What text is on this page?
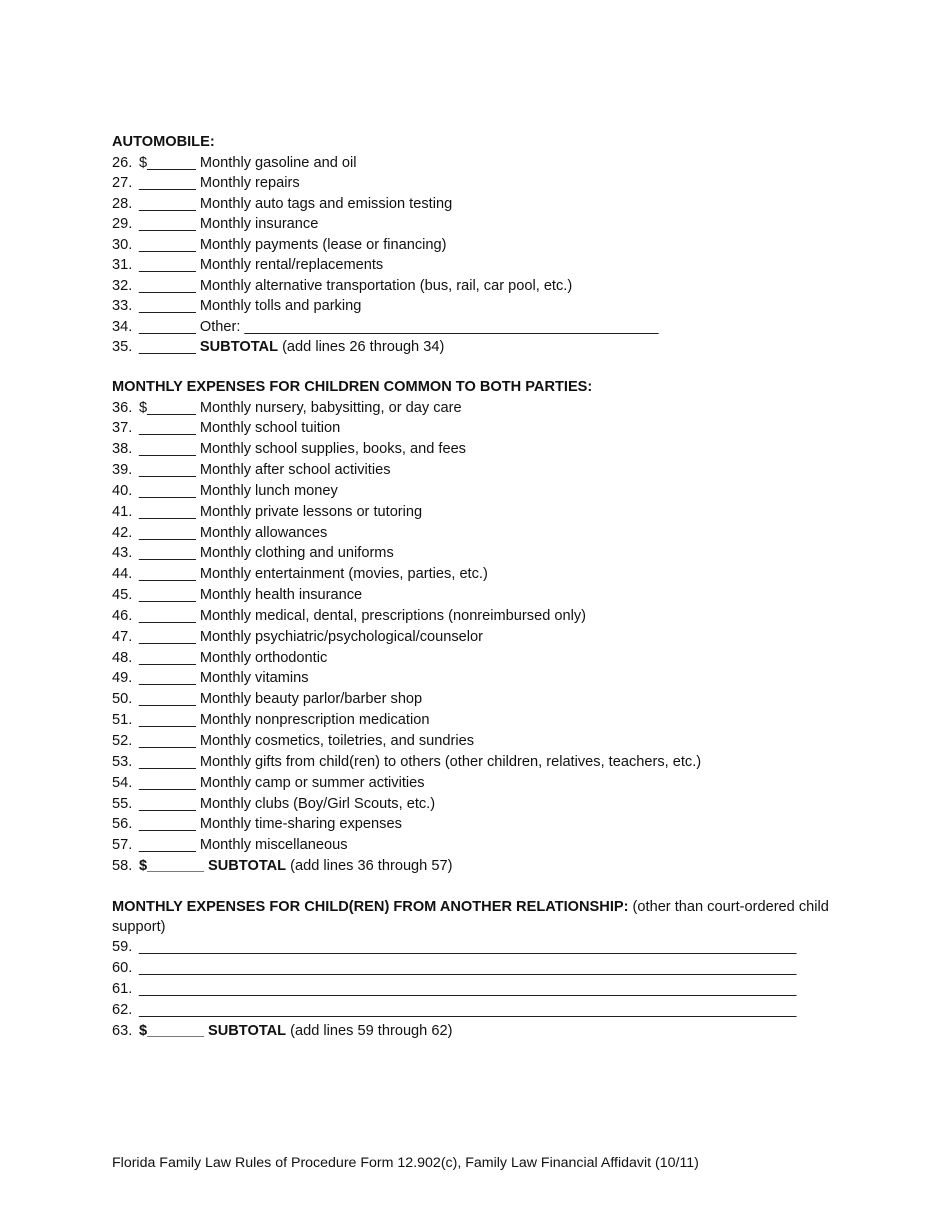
AUTOMOBILE:
26. $______ Monthly gasoline and oil
27. _______ Monthly repairs
28. _______ Monthly auto tags and emission testing
29. _______ Monthly insurance
30. _______ Monthly payments (lease or financing)
31. _______ Monthly rental/replacements
32. _______ Monthly alternative transportation (bus, rail, car pool, etc.)
33. _______ Monthly tolls and parking
34. _______ Other: ___________________________________________________
35. _______ SUBTOTAL (add lines 26 through 34)
MONTHLY EXPENSES FOR CHILDREN COMMON TO BOTH PARTIES:
36. $______ Monthly nursery, babysitting, or day care
37. _______ Monthly school tuition
38. _______ Monthly school supplies, books, and fees
39. _______ Monthly after school activities
40. _______ Monthly lunch money
41. _______ Monthly private lessons or tutoring
42. _______ Monthly allowances
43. _______ Monthly clothing and uniforms
44. _______ Monthly entertainment (movies, parties, etc.)
45. _______ Monthly health insurance
46. _______ Monthly medical, dental, prescriptions (nonreimbursed only)
47. _______ Monthly psychiatric/psychological/counselor
48. _______ Monthly orthodontic
49. _______ Monthly vitamins
50. _______ Monthly beauty parlor/barber shop
51. _______ Monthly nonprescription medication
52. _______ Monthly cosmetics, toiletries, and sundries
53. _______ Monthly gifts from child(ren) to others (other children, relatives, teachers, etc.)
54. _______ Monthly camp or summer activities
55. _______ Monthly clubs (Boy/Girl Scouts, etc.)
56. _______ Monthly time-sharing expenses
57. _______ Monthly miscellaneous
58. $_______ SUBTOTAL (add lines 36 through 57)
MONTHLY EXPENSES FOR CHILD(REN) FROM ANOTHER RELATIONSHIP: (other than court-ordered child support)
59. _________________________________________________________________________________
60. _________________________________________________________________________________
61. _________________________________________________________________________________
62. _________________________________________________________________________________
63. $_______ SUBTOTAL (add lines 59 through 62)
Florida Family Law Rules of Procedure Form 12.902(c), Family Law Financial Affidavit (10/11)
